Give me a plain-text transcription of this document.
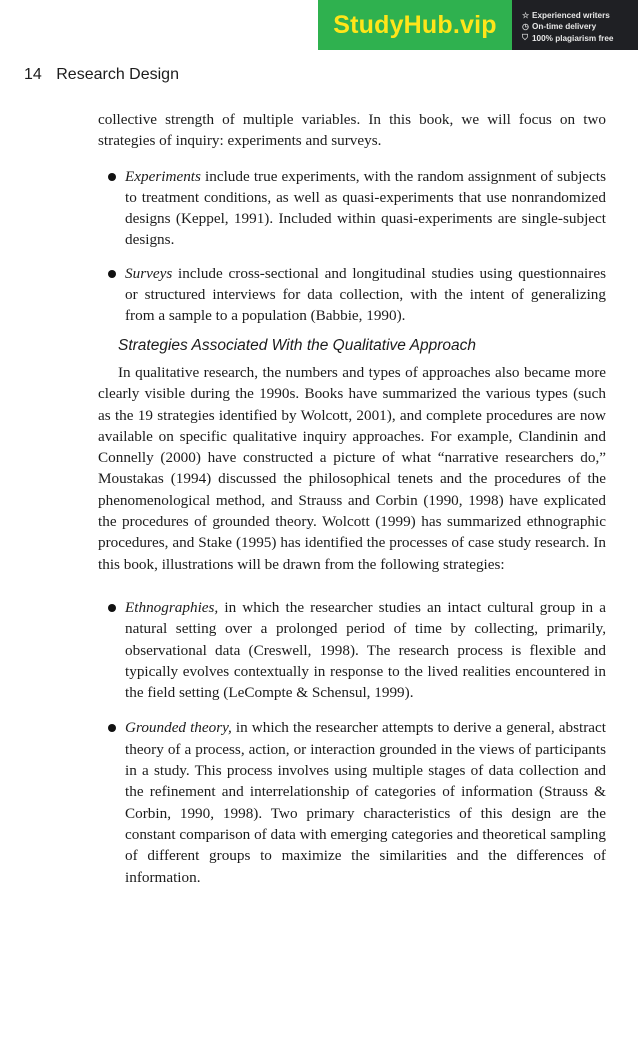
StudyHub.vip	☆ Experienced writers
◷ On-time delivery
⛉ 100% plagiarism free
14 Research Design

collective strength of multiple variables. In this book, we will focus on two strategies of inquiry: experiments and surveys.

Experiments include true experiments, with the random assignment of subjects to treatment conditions, as well as quasi-experiments that use nonrandomized designs (Keppel, 1991). Included within quasi-experiments are single-subject designs.
Surveys include cross-sectional and longitudinal studies using questionnaires or structured interviews for data collection, with the intent of generalizing from a sample to a population (Babbie, 1990).
Strategies Associated With the Qualitative Approach

In qualitative research, the numbers and types of approaches also became more clearly visible during the 1990s. Books have summarized the various types (such as the 19 strategies identified by Wolcott, 2001), and complete procedures are now available on specific qualitative inquiry approaches. For example, Clandinin and Connelly (2000) have constructed a picture of what “narrative researchers do,” Moustakas (1994) discussed the philosophical tenets and the procedures of the phenomenological method, and Strauss and Corbin (1990, 1998) have explicated the procedures of grounded theory. Wolcott (1999) has summarized ethnographic procedures, and Stake (1995) has identified the processes of case study research. In this book, illustrations will be drawn from the following strategies:

Ethnographies, in which the researcher studies an intact cultural group in a natural setting over a prolonged period of time by collecting, primarily, observational data (Creswell, 1998). The research process is flexible and typically evolves contextually in response to the lived realities encountered in the field setting (LeCompte & Schensul, 1999).
Grounded theory, in which the researcher attempts to derive a general, abstract theory of a process, action, or interaction grounded in the views of participants in a study. This process involves using multiple stages of data collection and the refinement and interrelationship of categories of information (Strauss & Corbin, 1990, 1998). Two primary characteristics of this design are the constant comparison of data with emerging categories and theoretical sampling of different groups to maximize the similarities and the differences of information.
